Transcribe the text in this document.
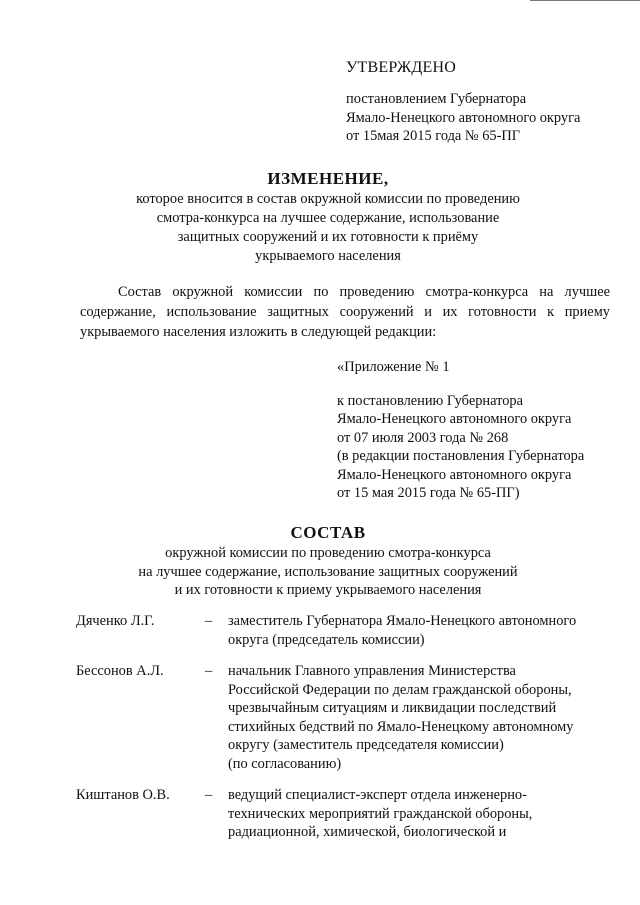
УТВЕРЖДЕНО
постановлением Губернатора
Ямало-Ненецкого автономного округа
от 15мая 2015 года № 65-ПГ
ИЗМЕНЕНИЕ,
которое вносится в состав окружной комиссии по проведению
смотра-конкурса на лучшее содержание, использование
защитных сооружений и их готовности к приёму
укрываемого населения
Состав окружной комиссии по проведению смотра-конкурса на лучшее
содержание, использование защитных сооружений и их готовности к приему
укрываемого населения изложить в следующей редакции:
«Приложение № 1
к постановлению Губернатора
Ямало-Ненецкого автономного округа
от 07 июля 2003 года № 268
(в редакции постановления Губернатора
Ямало-Ненецкого автономного округа
от 15 мая 2015 года № 65-ПГ)
СОСТАВ
окружной комиссии по проведению смотра-конкурса
на лучшее содержание, использование защитных сооружений
и их готовности к приему укрываемого населения
Дяченко Л.Г.	– заместитель Губернатора Ямало-Ненецкого автономного
округа (председатель комиссии)
Бессонов А.Л.	– начальник Главного управления Министерства
Российской Федерации по делам гражданской обороны,
чрезвычайным ситуациям и ликвидации последствий
стихийных бедствий по Ямало-Ненецкому автономному
округу (заместитель председателя комиссии)
(по согласованию)
Киштанов О.В. – ведущий специалист-эксперт отдела инженерно-
технических мероприятий гражданской обороны,
радиационной, химической, биологической и
